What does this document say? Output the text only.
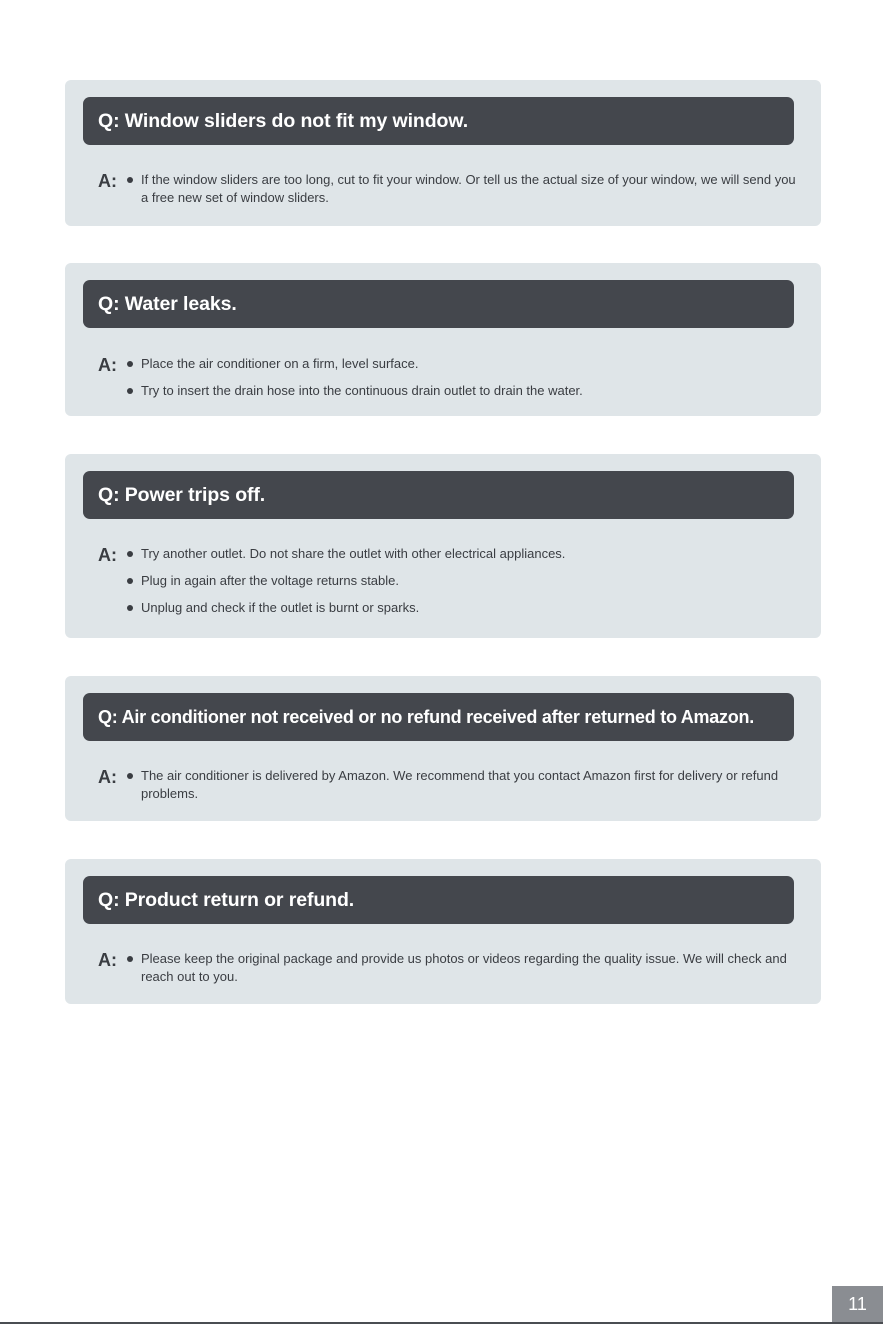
Q: Window sliders do not fit my window.
A:	If the window sliders are too long, cut to fit your window. Or tell us the actual size of your window, we will send you a free new set of window sliders.
Q: Water leaks.
A:	Place the air conditioner on a firm, level surface.
Try to insert the drain hose into the continuous drain outlet to drain the water.
Q: Power trips off.
A:	Try another outlet. Do not share the outlet with other electrical appliances.
Plug in again after the voltage returns stable.
Unplug and check if the outlet is burnt or sparks.
Q: Air conditioner not received or no refund received after returned to Amazon.
A:	The air conditioner is delivered by Amazon. We recommend that you contact Amazon first for delivery or refund problems.
Q: Product return or refund.
A:	Please keep the original package and provide us photos or videos regarding the quality issue. We will check and reach out to you.
11
